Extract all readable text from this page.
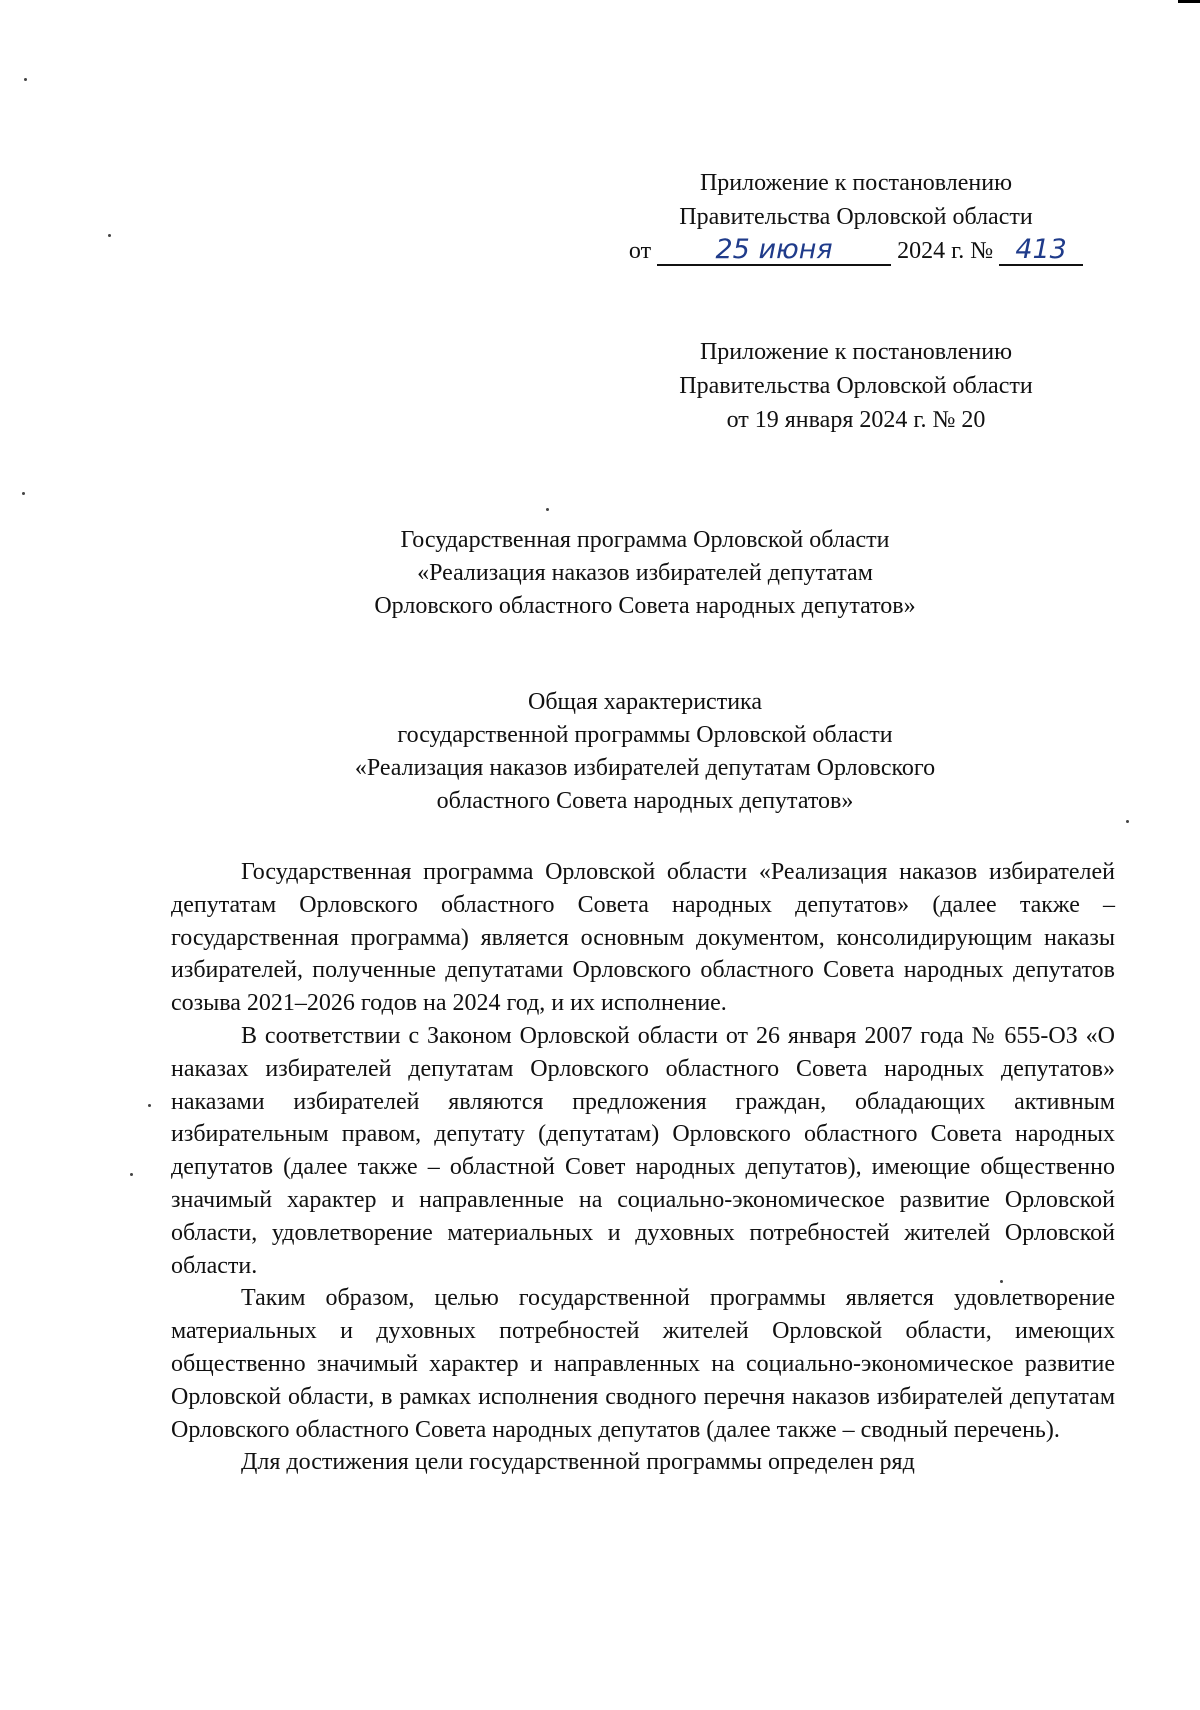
Приложение к постановлению
Правительства Орловской области
от 25 июня	2024 г. № 413
Приложение к постановлению
Правительства Орловской области
от 19 января 2024 г. № 20
Государственная программа Орловской области
«Реализация наказов избирателей депутатам
Орловского областного Совета народных депутатов»
Общая характеристика
государственной программы Орловской области
«Реализация наказов избирателей депутатам Орловского
областного Совета народных депутатов»

Государственная программа Орловской области «Реализация наказов избирателей депутатам Орловского областного Совета народных депутатов» (далее также – государственная программа) является основным документом, консолидирующим наказы избирателей, полученные депутатами Орловского областного Совета народных депутатов созыва 2021–2026 годов на 2024 год, и их исполнение.

В соответствии с Законом Орловской области от 26 января 2007 года № 655-ОЗ «О наказах избирателей депутатам Орловского областного Совета народных депутатов» наказами избирателей являются предложения граждан, обладающих активным избирательным правом, депутату (депутатам) Орловского областного Совета народных депутатов (далее также – областной Совет народных депутатов), имеющие общественно значимый характер и направленные на социально-экономическое развитие Орловской области, удовлетворение материальных и духовных потребностей жителей Орловской области.

Таким образом, целью государственной программы является удовлетворение материальных и духовных потребностей жителей Орловской области, имеющих общественно значимый характер и направленных на социально-экономическое развитие Орловской области, в рамках исполнения сводного перечня наказов избирателей депутатам Орловского областного Совета народных депутатов (далее также – сводный перечень).

Для достижения цели государственной программы определен ряд
